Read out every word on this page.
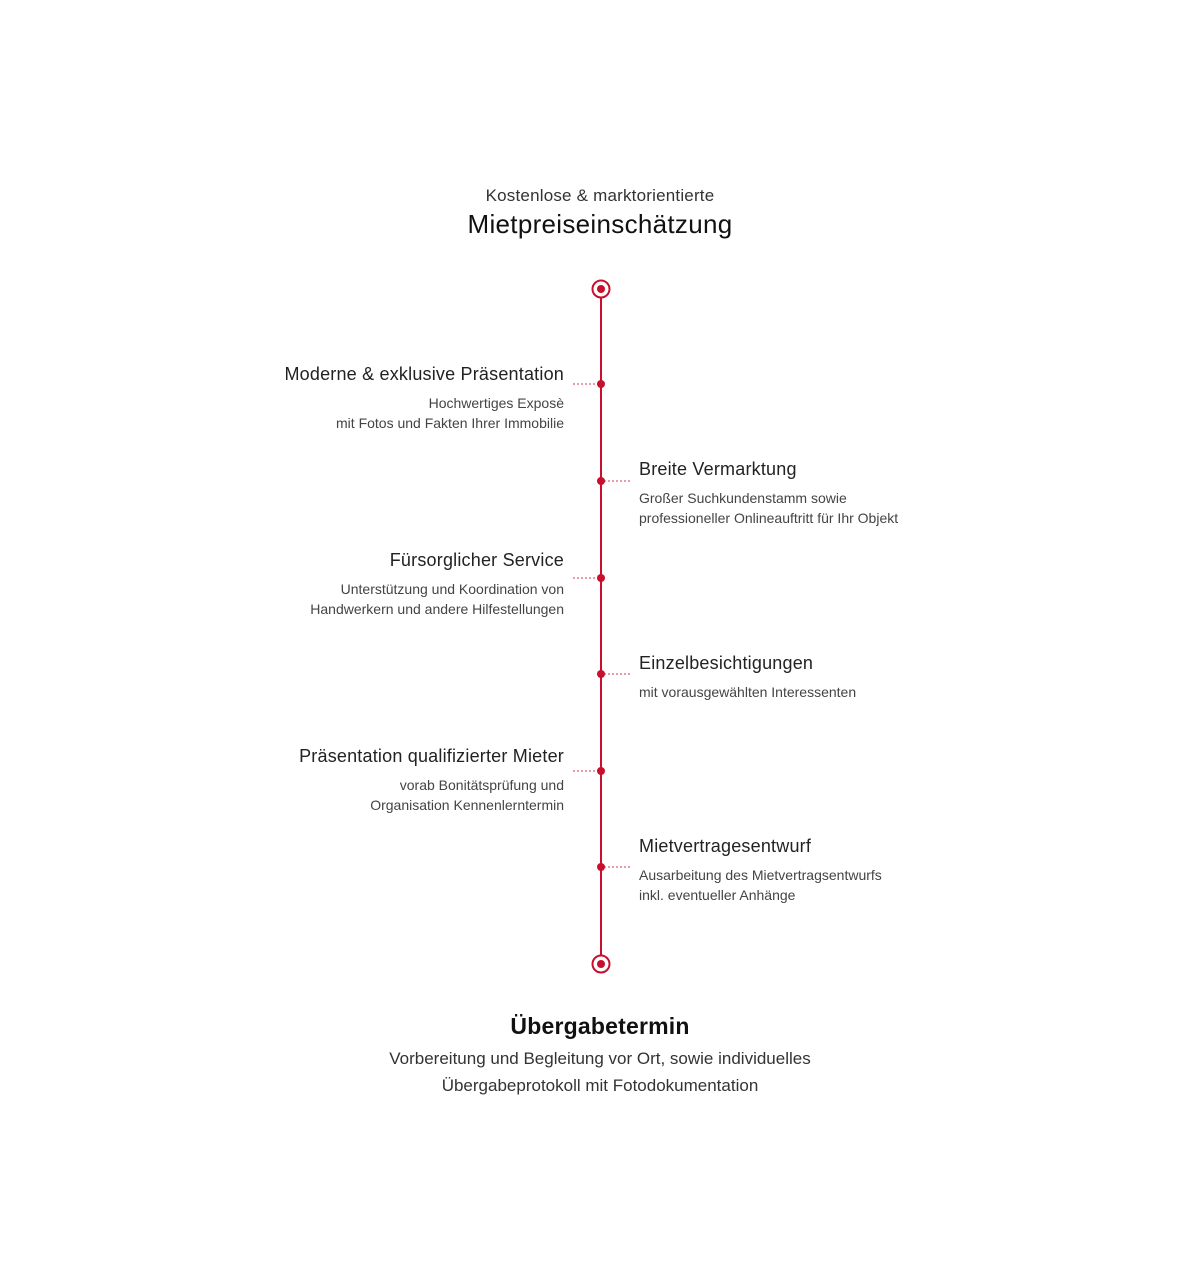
Kostenlose & marktorientierte
Mietpreiseinschätzung
Moderne & exklusive Präsentation
Hochwertiges Exposè
mit Fotos und Fakten Ihrer Immobilie
Breite Vermarktung
Großer Suchkundenstamm sowie
professioneller Onlineauftritt für Ihr Objekt
Fürsorglicher Service
Unterstützung und Koordination von
Handwerkern und andere Hilfestellungen
Einzelbesichtigungen
mit vorausgewählten Interessenten
Präsentation qualifizierter Mieter
vorab Bonitätsprüfung und
Organisation Kennenlerntermin
Mietvertragesentwurf
Ausarbeitung des Mietvertragsentwurfs
inkl. eventueller Anhänge
Übergabetermin
Vorbereitung und Begleitung vor Ort, sowie individuelles
Übergabeprotokoll mit Fotodokumentation
